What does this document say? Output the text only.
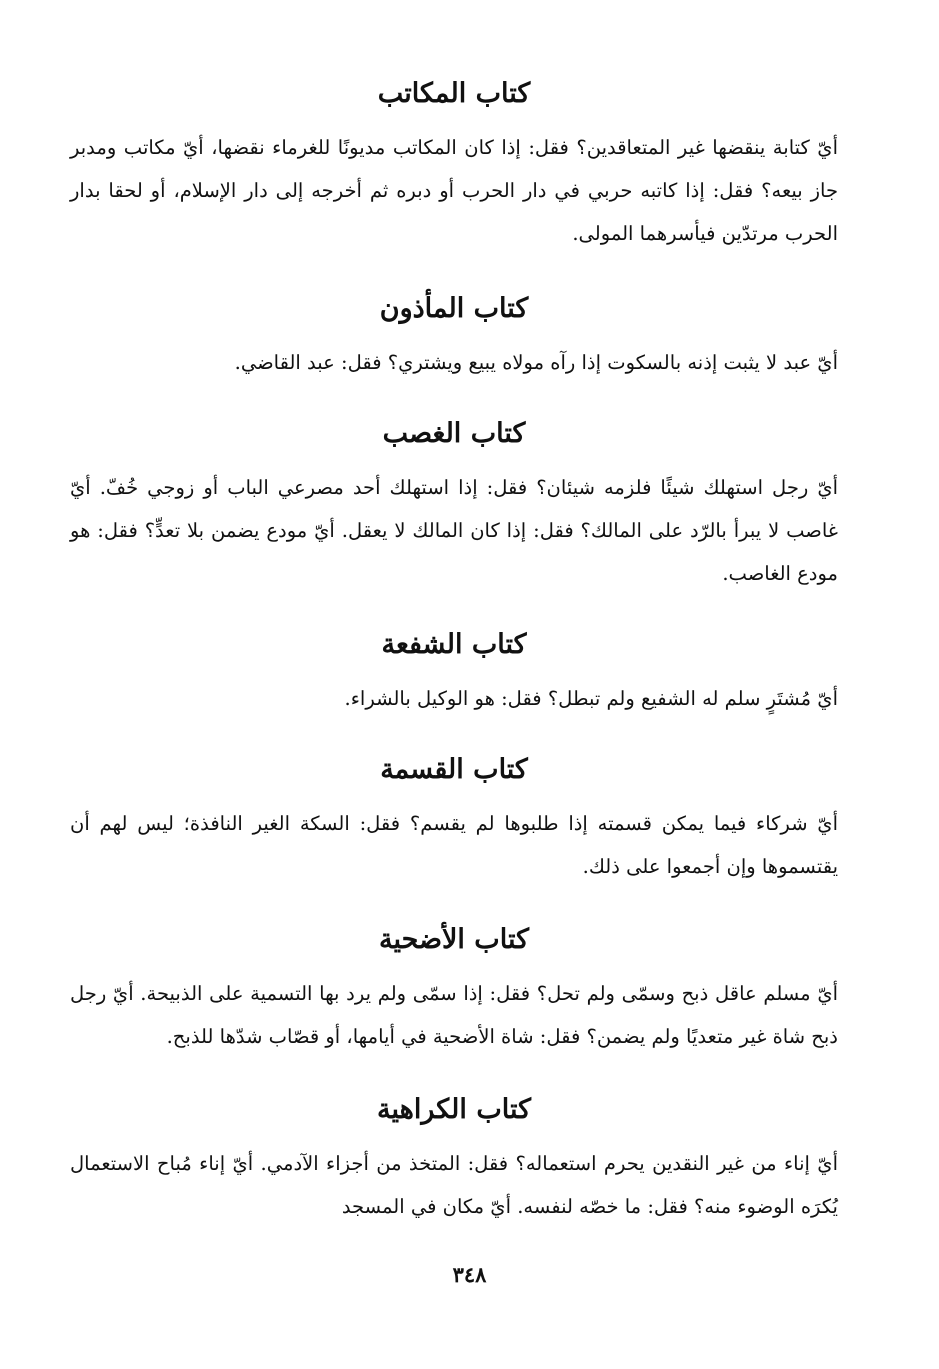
كتاب المكاتب

أيّ كتابة ينقضها غير المتعاقدين؟ فقل: إذا كان المكاتب مديونًا للغرماء نقضها، أيّ مكاتب ومدبر جاز بيعه؟ فقل: إذا كاتبه حربي في دار الحرب أو دبره ثم أخرجه إلى دار الإسلام، أو لحقا بدار الحرب مرتدّين فيأسرهما المولى.

كتاب المأذون

أيّ عبد لا يثبت إذنه بالسكوت إذا رآه مولاه يبيع ويشتري؟ فقل: عبد القاضي.

كتاب الغصب

أيّ رجل استهلك شيئًا فلزمه شيئان؟ فقل: إذا استهلك أحد مصرعي الباب أو زوجي خُفّ. أيّ غاصب لا يبرأ بالرّد على المالك؟ فقل: إذا كان المالك لا يعقل. أيّ مودع يضمن بلا تعدٍّ؟ فقل: هو مودع الغاصب.

كتاب الشفعة

أيّ مُشتَرٍ سلم له الشفيع ولم تبطل؟ فقل: هو الوكيل بالشراء.

كتاب القسمة

أيّ شركاء فيما يمكن قسمته إذا طلبوها لم يقسم؟ فقل: السكة الغير النافذة؛ ليس لهم أن يقتسموها وإن أجمعوا على ذلك.

كتاب الأضحية

أيّ مسلم عاقل ذبح وسمّى ولم تحل؟ فقل: إذا سمّى ولم يرد بها التسمية على الذبيحة. أيّ رجل ذبح شاة غير متعديًا ولم يضمن؟ فقل: شاة الأضحية في أيامها، أو قصّاب شدّها للذبح.

كتاب الكراهية

أيّ إناء من غير النقدين يحرم استعماله؟ فقل: المتخذ من أجزاء الآدمي. أيّ إناء مُباح الاستعمال يُكرَه الوضوء منه؟ فقل: ما خصّه لنفسه. أيّ مكان في المسجد

٣٤٨
